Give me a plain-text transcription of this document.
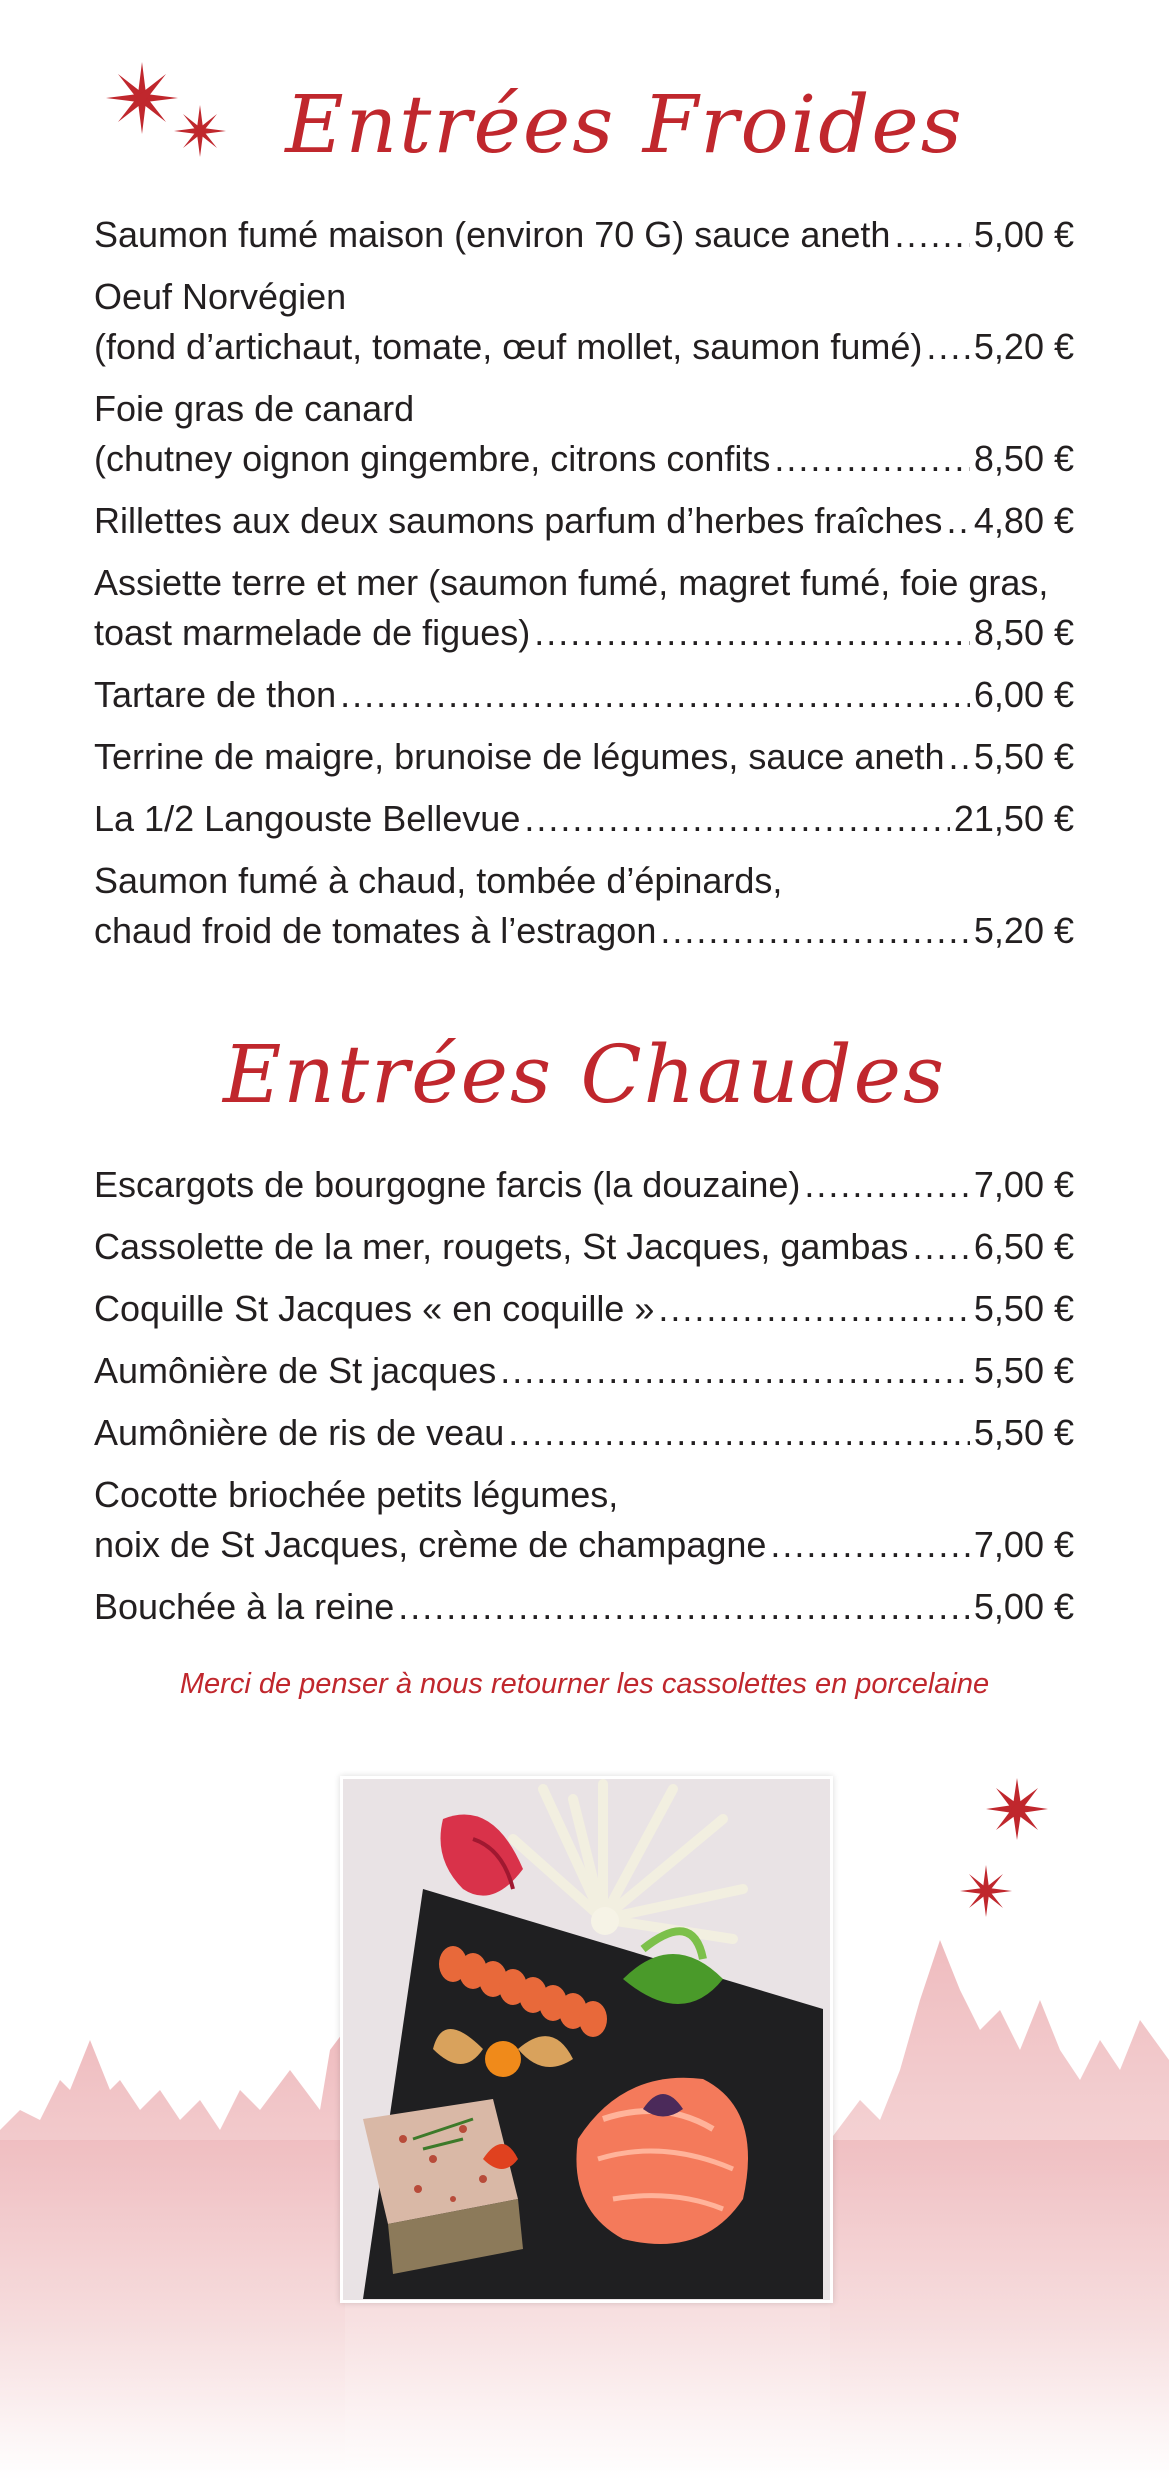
Entrées Froides
Saumon fumé maison (environ 70 G) sauce aneth ..... 5,00 €
Oeuf Norvégien
(fond d’artichaut, tomate, œuf mollet, saumon fumé) ..... 5,20 €
Foie gras de canard
(chutney oignon gingembre, citrons confits .....	8,50 €
Rillettes aux deux saumons parfum d’herbes fraîches ..... 4,80 €
Assiette terre et mer (saumon fumé, magret fumé, foie gras,
toast marmelade de figues) .....	8,50 €
Tartare de thon .....	6,00 €
Terrine de maigre, brunoise de légumes, sauce aneth ..... 5,50 €
La 1/2 Langouste Bellevue .....	21,50 €
Saumon fumé à chaud, tombée d’épinards,
chaud froid de tomates à l’estragon .....	5,20 €
Entrées Chaudes
Escargots de bourgogne farcis (la douzaine) .....	7,00 €
Cassolette de la mer, rougets, St Jacques, gambas ..... 6,50 €
Coquille St Jacques « en coquille » .....	5,50 €
Aumônière de St jacques .....	5,50 €
Aumônière de ris de veau .....	5,50 €
Cocotte briochée petits légumes,
noix de St Jacques, crème de champagne .....	7,00 €
Bouchée à la reine .....	5,00 €
Merci de penser à nous retourner les cassolettes en porcelaine
